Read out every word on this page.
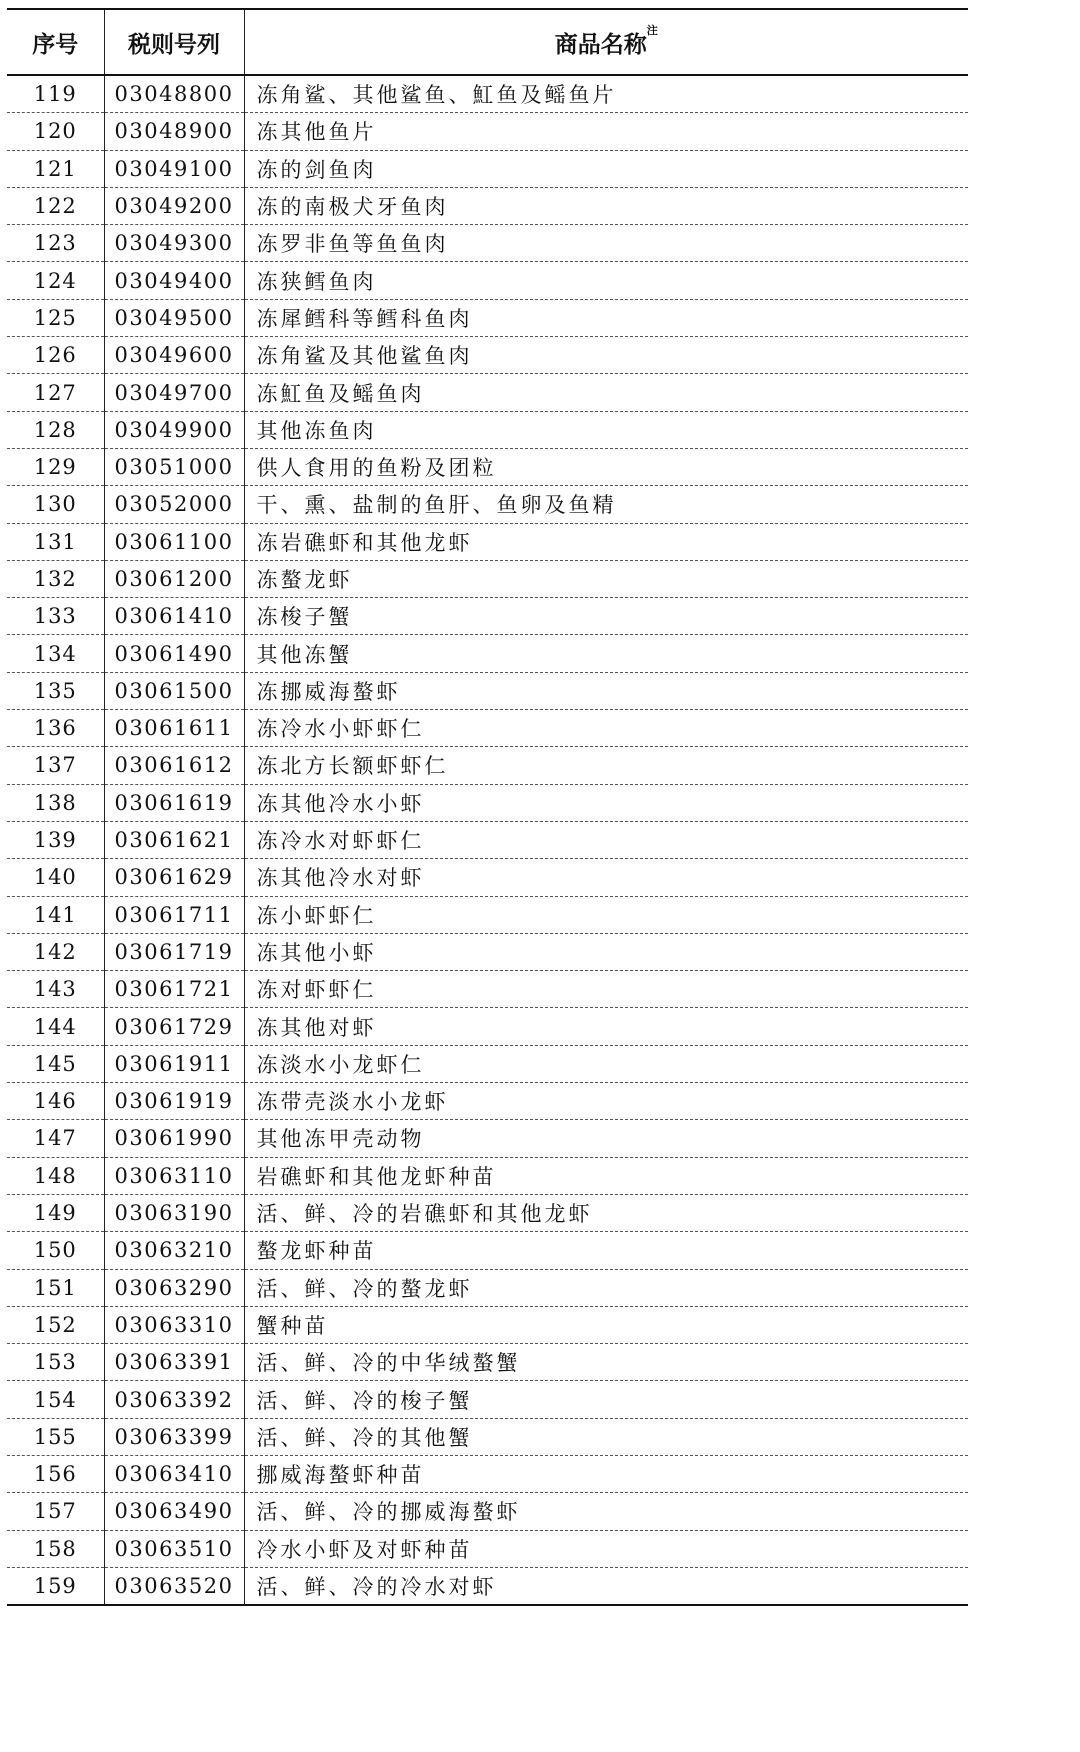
序号	税则号列	商品名称$^注$
119	03048800	冻角鲨、其他鲨鱼、魟鱼及鳐鱼片
120	03048900	冻其他鱼片
121	03049100	冻的剑鱼肉
122	03049200	冻的南极犬牙鱼肉
123	03049300	冻罗非鱼等鱼鱼肉
124	03049400	冻狭鳕鱼肉
125	03049500	冻犀鳕科等鳕科鱼肉
126	03049600	冻角鲨及其他鲨鱼肉
127	03049700	冻魟鱼及鳐鱼肉
128	03049900	其他冻鱼肉
129	03051000	供人食用的鱼粉及团粒
130	03052000	干、熏、盐制的鱼肝、鱼卵及鱼精
131	03061100	冻岩礁虾和其他龙虾
132	03061200	冻螯龙虾
133	03061410	冻梭子蟹
134	03061490	其他冻蟹
135	03061500	冻挪威海螯虾
136	03061611	冻冷水小虾虾仁
137	03061612	冻北方长额虾虾仁
138	03061619	冻其他冷水小虾
139	03061621	冻冷水对虾虾仁
140	03061629	冻其他冷水对虾
141	03061711	冻小虾虾仁
142	03061719	冻其他小虾
143	03061721	冻对虾虾仁
144	03061729	冻其他对虾
145	03061911	冻淡水小龙虾仁
146	03061919	冻带壳淡水小龙虾
147	03061990	其他冻甲壳动物
148	03063110	岩礁虾和其他龙虾种苗
149	03063190	活、鲜、冷的岩礁虾和其他龙虾
150	03063210	螯龙虾种苗
151	03063290	活、鲜、冷的螯龙虾
152	03063310	蟹种苗
153	03063391	活、鲜、冷的中华绒螯蟹
154	03063392	活、鲜、冷的梭子蟹
155	03063399	活、鲜、冷的其他蟹
156	03063410	挪威海螯虾种苗
157	03063490	活、鲜、冷的挪威海螯虾
158	03063510	冷水小虾及对虾种苗
159	03063520	活、鲜、冷的冷水对虾
